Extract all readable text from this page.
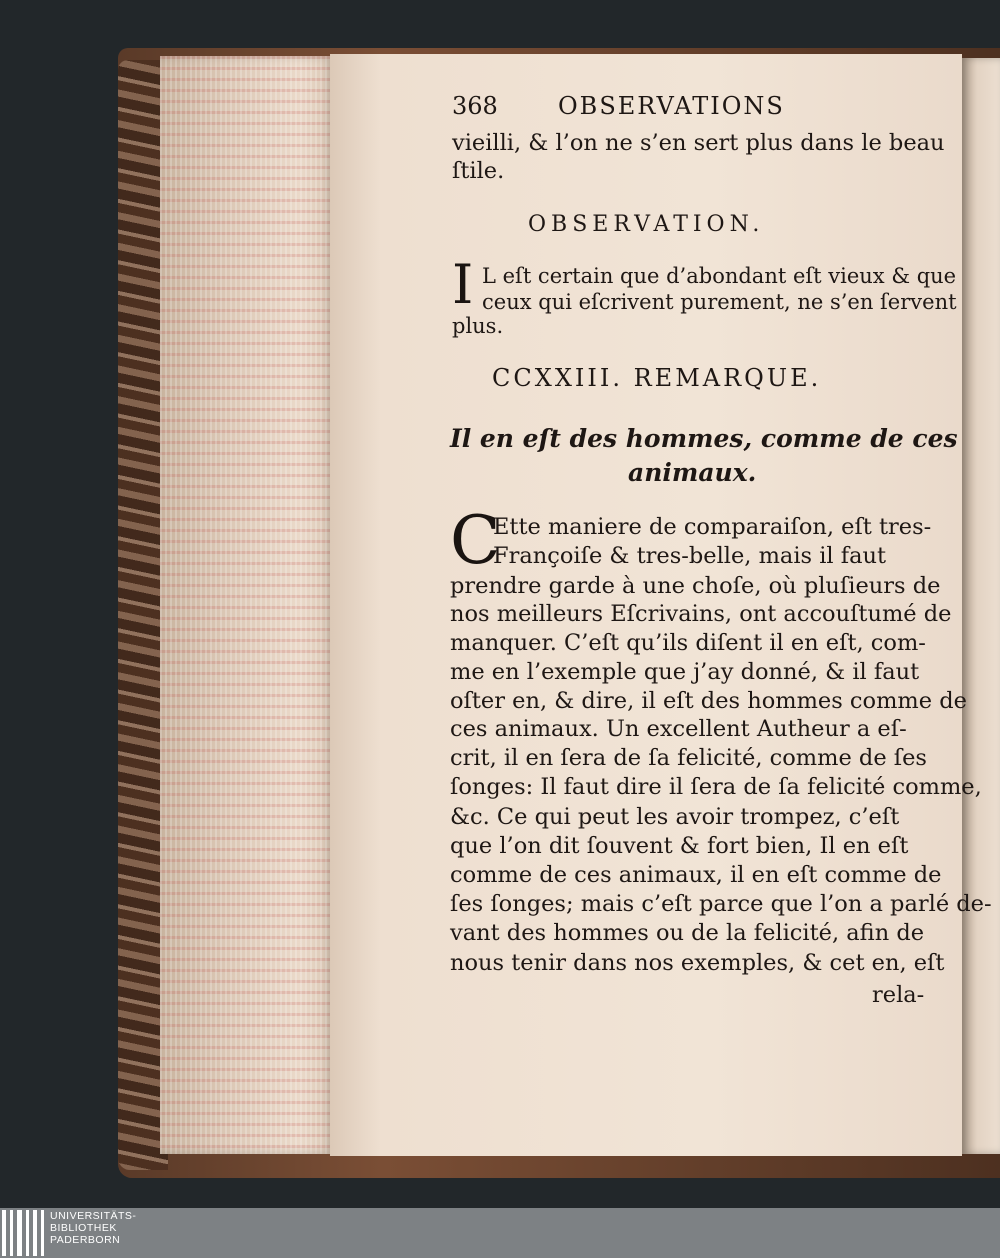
368	OBSERVATIONS
vieilli, & l’on ne s’en sert plus dans le beau
ſtile.
OBSERVATION.
I L eſt certain que d’abondant eſt vieux & que
ceux qui eſcrivent purement, ne s’en ſervent
plus.
CCXXIII. REMARQUE.
Il en eſt des hommes, comme de ces
animaux.
C
Ette maniere de comparaiſon, eſt tres-
Françoiſe & tres-belle, mais il faut
prendre garde à une choſe, où pluſieurs de
nos meilleurs Eſcrivains, ont accouſtumé de
manquer. C’eſt qu’ils diſent il en eſt, com-
me en l’exemple que j’ay donné, & il faut
oſter en, & dire, il eſt des hommes comme de
ces animaux. Un excellent Autheur a eſ-
crit, il en ſera de ſa felicité, comme de ſes
ſonges: Il faut dire il ſera de ſa felicité comme,
&c. Ce qui peut les avoir trompez, c’eſt
que l’on dit ſouvent & fort bien, Il en eſt
comme de ces animaux, il en eſt comme de
ſes ſonges; mais c’eſt parce que l’on a parlé de-
vant des hommes ou de la felicité, afin de
nous tenir dans nos exemples, & cet en, eſt
rela-
UNIVERSITÄTS-
BIBLIOTHEK
PADERBORN
